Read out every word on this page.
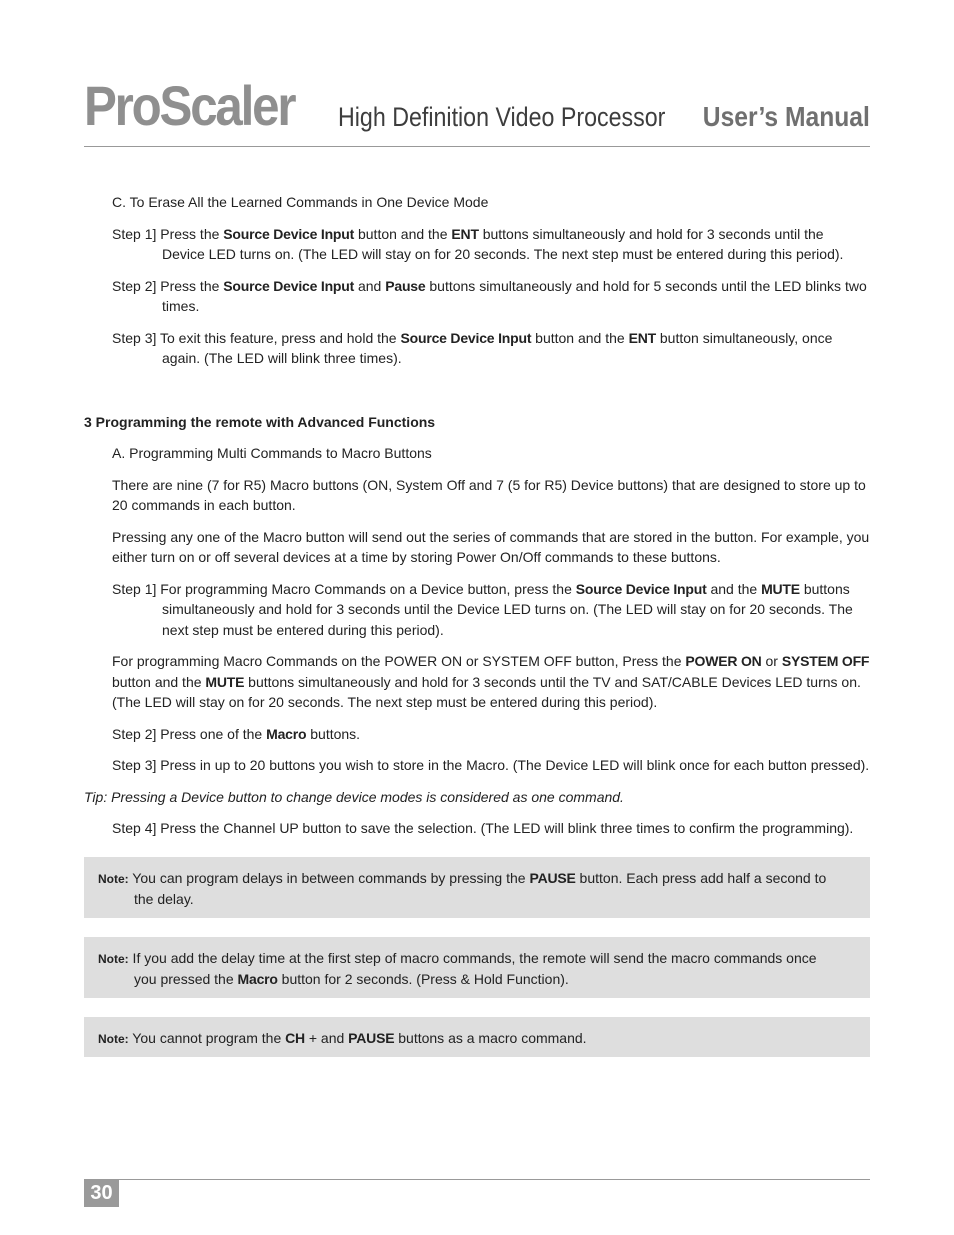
ProScaler High Definition Video Processor User’s Manual

C. To Erase All the Learned Commands in One Device Mode

Step 1] Press the Source Device Input button and the ENT buttons simultaneously and hold for 3 seconds until the Device LED turns on. (The LED will stay on for 20 seconds. The next step must be entered during this period).

Step 2] Press the Source Device Input and Pause buttons simultaneously and hold for 5 seconds until the LED blinks two times.

Step 3] To exit this feature, press and hold the Source Device Input button and the ENT button simultaneously, once again. (The LED will blink three times).

3 Programming the remote with Advanced Functions

A. Programming Multi Commands to Macro Buttons

There are nine (7 for R5) Macro buttons (ON, System Off and 7 (5 for R5) Device buttons) that are designed to store up to 20 commands in each button.

Pressing any one of the Macro button will send out the series of commands that are stored in the button. For example, you either turn on or off several devices at a time by storing Power On/Off commands to these buttons.

Step 1] For programming Macro Commands on a Device button, press the Source Device Input and the MUTE buttons simultaneously and hold for 3 seconds until the Device LED turns on. (The LED will stay on for 20 seconds. The next step must be entered during this period).

For programming Macro Commands on the POWER ON or SYSTEM OFF button, Press the POWER ON or SYSTEM OFF button and the MUTE buttons simultaneously and hold for 3 seconds until the TV and SAT/CABLE Devices LED turns on. (The LED will stay on for 20 seconds. The next step must be entered during this period).

Step 2] Press one of the Macro buttons.

Step 3] Press in up to 20 buttons you wish to store in the Macro. (The Device LED will blink once for each button pressed).

Tip: Pressing a Device button to change device modes is considered as one command.

Step 4] Press the Channel UP button to save the selection. (The LED will blink three times to confirm the programming).

Note: You can program delays in between commands by pressing the PAUSE button. Each press add half a second to the delay.

Note: If you add the delay time at the first step of macro commands, the remote will send the macro commands once you pressed the Macro button for 2 seconds. (Press & Hold Function).

Note: You cannot program the CH + and PAUSE buttons as a macro command.

30
